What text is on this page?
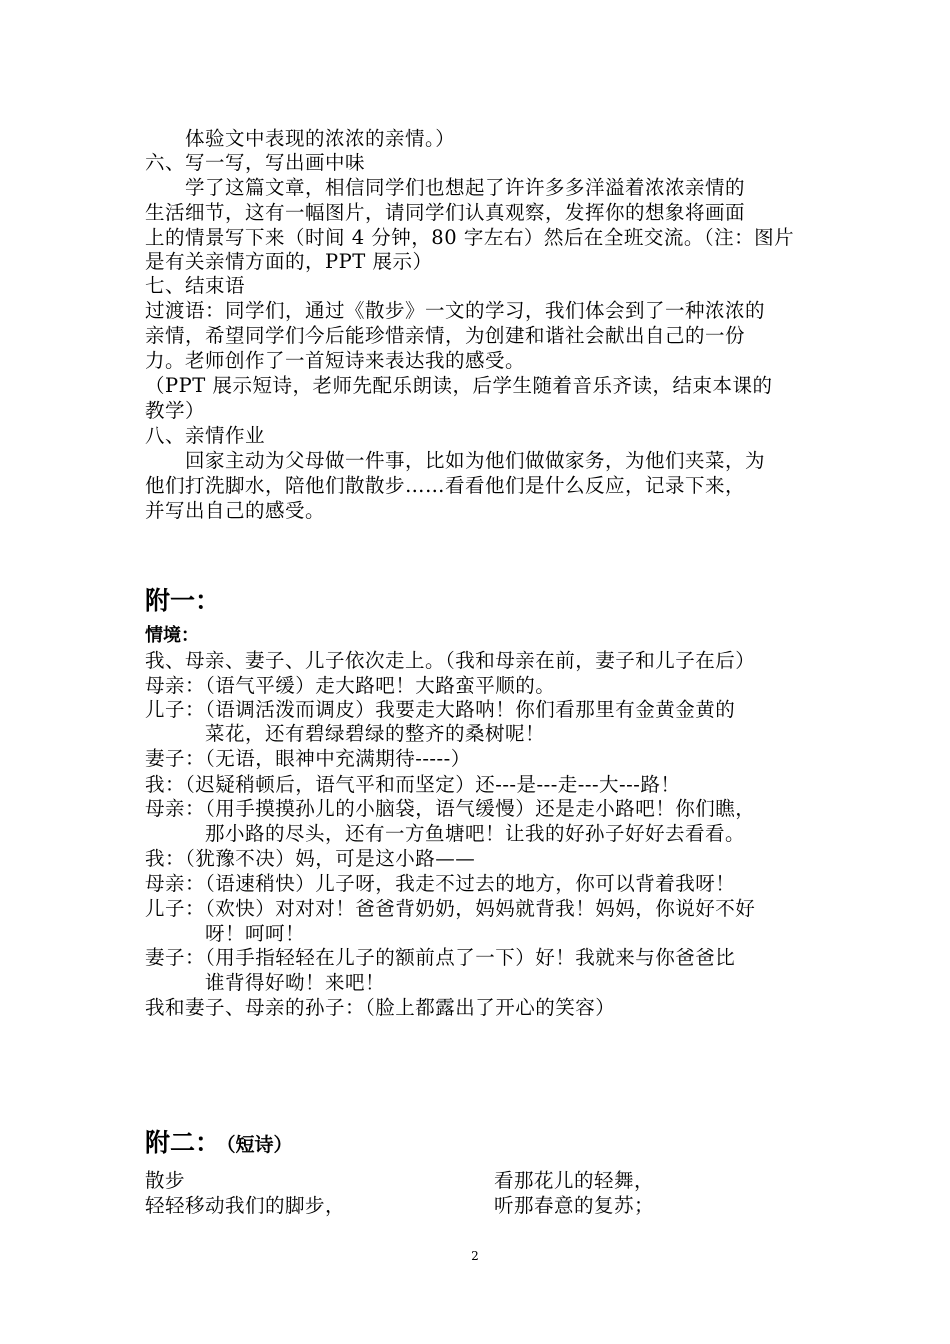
　　体验文中表现的浓浓的亲情。）
六、写一写，写出画中味
　　学了这篇文章，相信同学们也想起了许许多多洋溢着浓浓亲情的
生活细节，这有一幅图片，请同学们认真观察，发挥你的想象将画面
上的情景写下来（时间 4 分钟，80 字左右）然后在全班交流。（注：图片
是有关亲情方面的，PPT 展示）
七、结束语
过渡语：同学们，通过《散步》一文的学习，我们体会到了一种浓浓的
亲情，希望同学们今后能珍惜亲情，为创建和谐社会献出自己的一份
力。老师创作了一首短诗来表达我的感受。
（PPT 展示短诗，老师先配乐朗读，后学生随着音乐齐读，结束本课的
教学）
八、亲情作业
　　回家主动为父母做一件事，比如为他们做做家务，为他们夹菜，为
他们打洗脚水，陪他们散散步……看看他们是什么反应，记录下来，
并写出自己的感受。
附一：
情境：
我、母亲、妻子、儿子依次走上。（我和母亲在前，妻子和儿子在后）
母亲：（语气平缓）走大路吧！大路蛮平顺的。
儿子：（语调活泼而调皮）我要走大路呐！你们看那里有金黄金黄的
　　　菜花，还有碧绿碧绿的整齐的桑树呢！
妻子：（无语，眼神中充满期待-----）
我：（迟疑稍顿后，语气平和而坚定）还---是---走---大---路！
母亲：（用手摸摸孙儿的小脑袋，语气缓慢）还是走小路吧！你们瞧，
　　　那小路的尽头，还有一方鱼塘吧！让我的好孙子好好去看看。
我：（犹豫不决）妈，可是这小路——
母亲：（语速稍快）儿子呀，我走不过去的地方，你可以背着我呀！
儿子：（欢快）对对对！爸爸背奶奶，妈妈就背我！妈妈，你说好不好
　　　呀！呵呵！
妻子：（用手指轻轻在儿子的额前点了一下）好！我就来与你爸爸比
　　　谁背得好呦！来吧！
我和妻子、母亲的孙子：（脸上都露出了开心的笑容）
附二： （短诗）
散步
轻轻移动我们的脚步，
看那花儿的轻舞，
听那春意的复苏；
2
